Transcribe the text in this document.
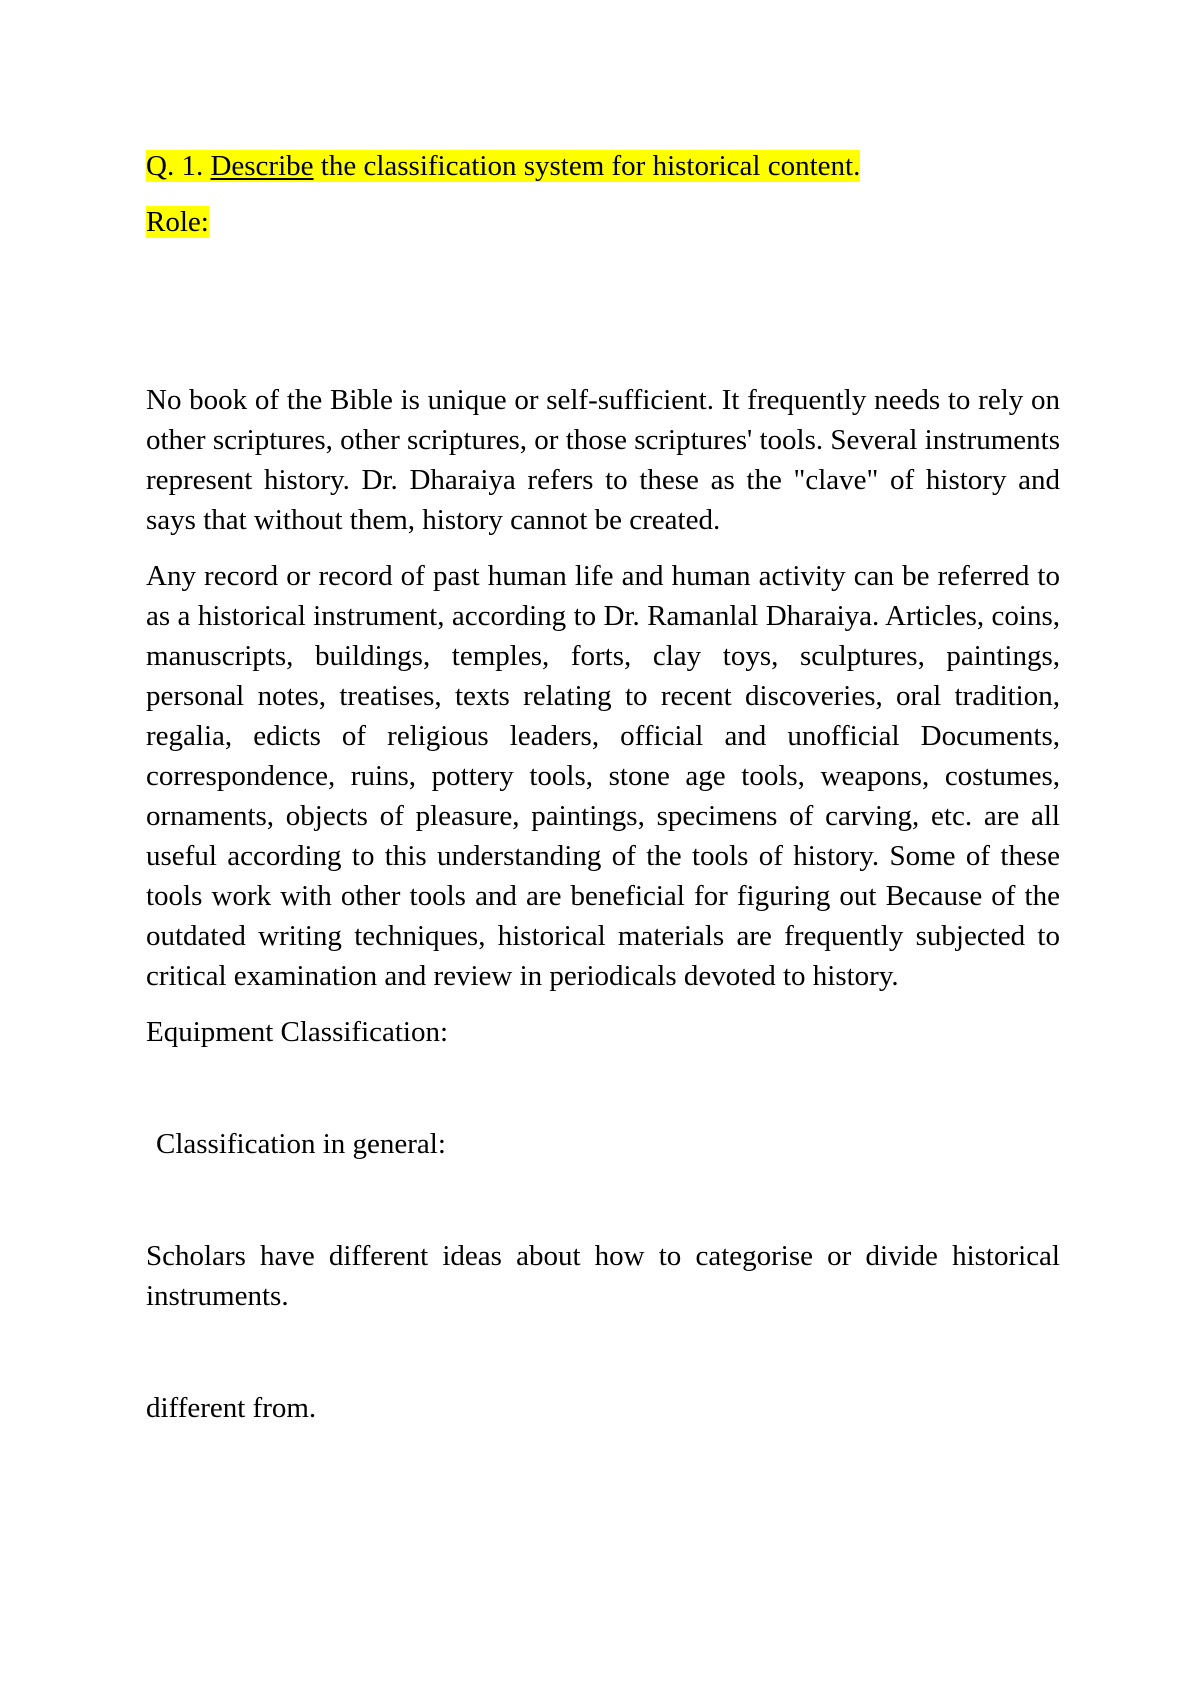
Q. 1. Describe the classification system for historical content.

Role:

No book of the Bible is unique or self-sufficient. It frequently needs to rely on other scriptures, other scriptures, or those scriptures' tools. Several instruments represent history. Dr. Dharaiya refers to these as the "clave" of history and says that without them, history cannot be created.

Any record or record of past human life and human activity can be referred to as a historical instrument, according to Dr. Ramanlal Dharaiya. Articles, coins, manuscripts, buildings, temples, forts, clay toys, sculptures, paintings, personal notes, treatises, texts relating to recent discoveries, oral tradition, regalia, edicts of religious leaders, official and unofficial Documents, correspondence, ruins, pottery tools, stone age tools, weapons, costumes, ornaments, objects of pleasure, paintings, specimens of carving, etc. are all useful according to this understanding of the tools of history. Some of these tools work with other tools and are beneficial for figuring out Because of the outdated writing techniques, historical materials are frequently subjected to critical examination and review in periodicals devoted to history.

Equipment Classification:

Classification in general:

Scholars have different ideas about how to categorise or divide historical instruments.

different from.
